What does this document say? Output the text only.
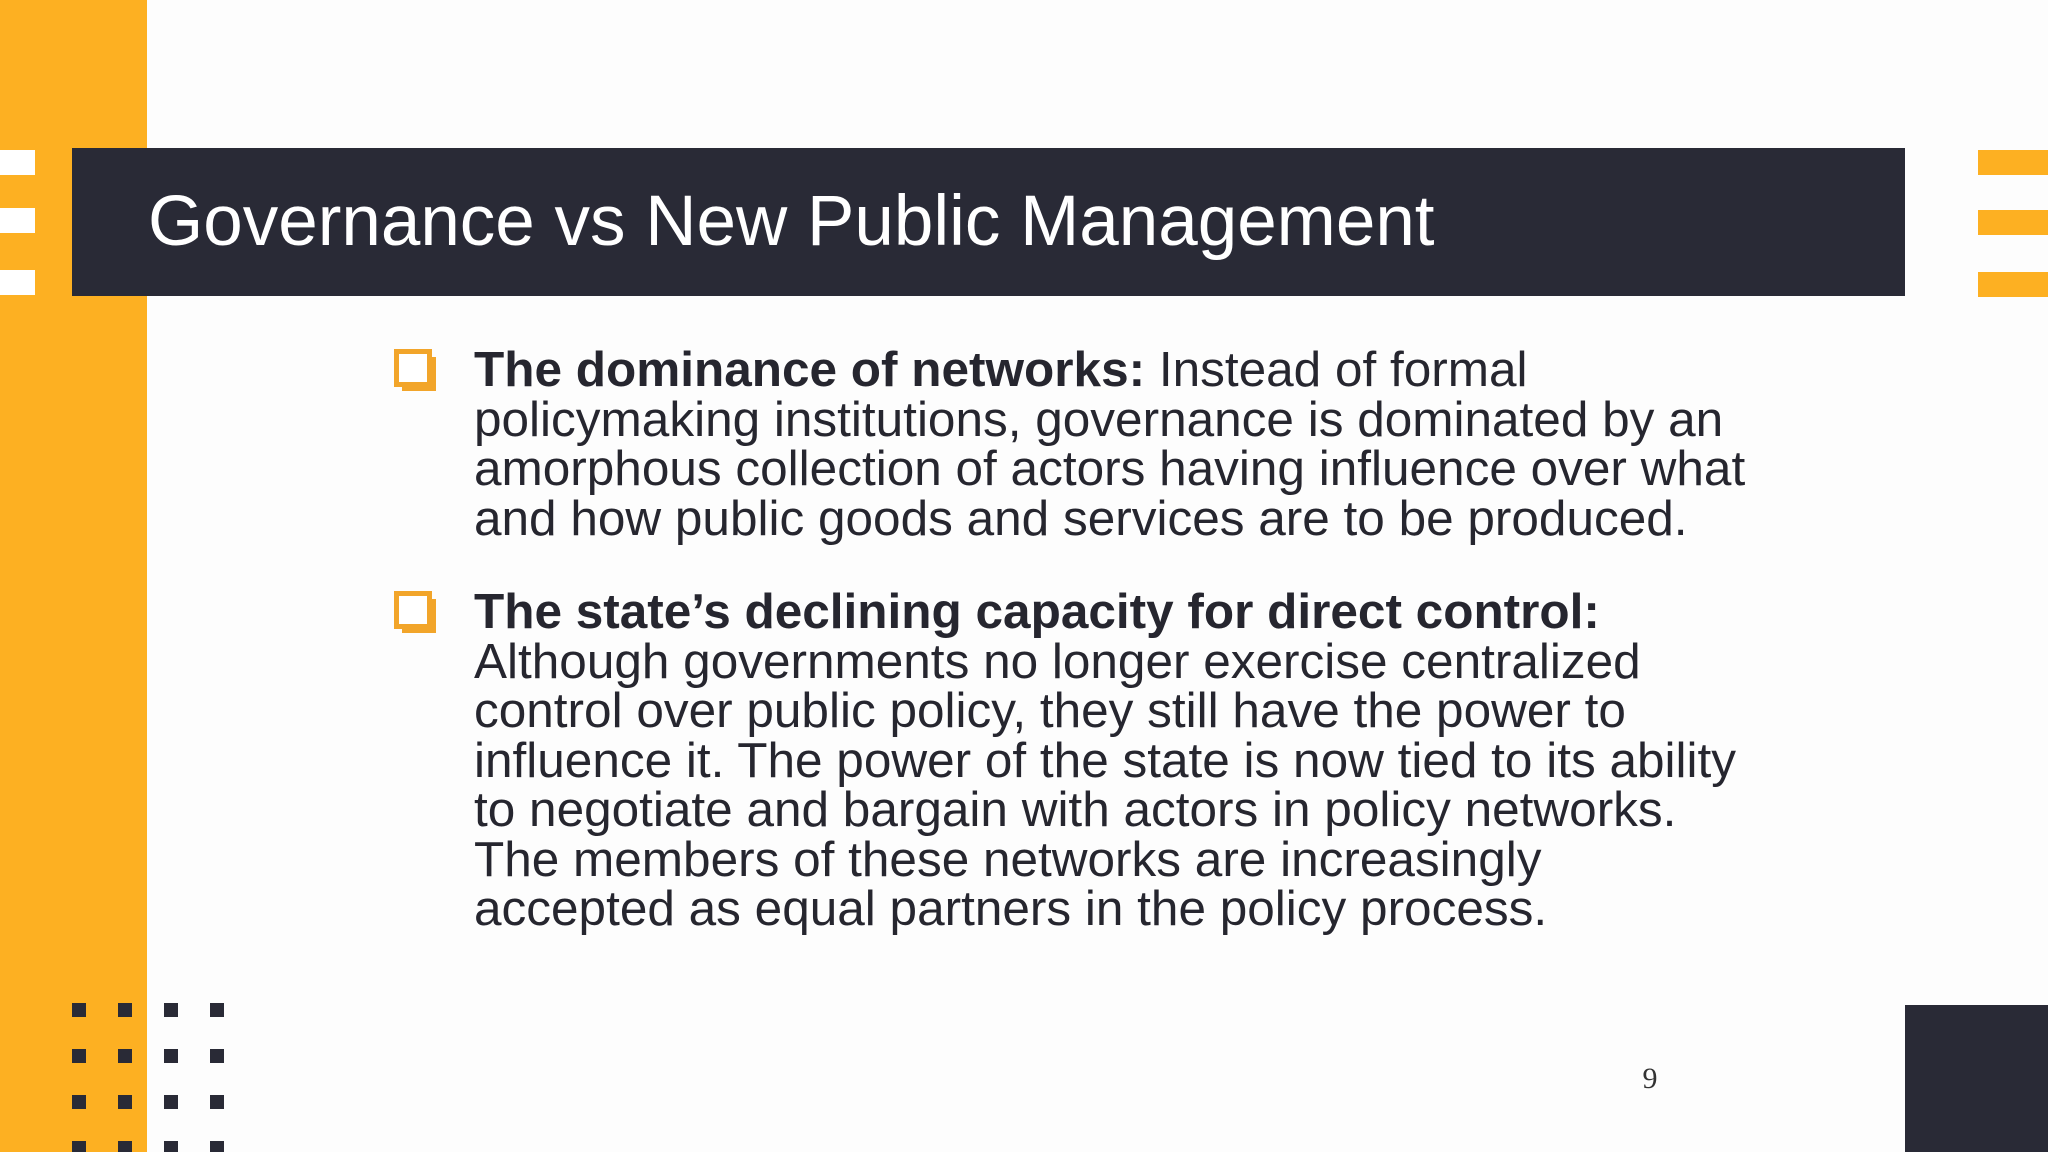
Governance vs New Public Management
The dominance of networks: Instead of formal policymaking institutions, governance is dominated by an amorphous collection of actors having influence over what and how public goods and services are to be produced.
The state’s declining capacity for direct control: Although governments no longer exercise centralized control over public policy, they still have the power to influence it. The power of the state is now tied to its ability to negotiate and bargain with actors in policy networks. The members of these networks are increasingly accepted as equal partners in the policy process.
9
